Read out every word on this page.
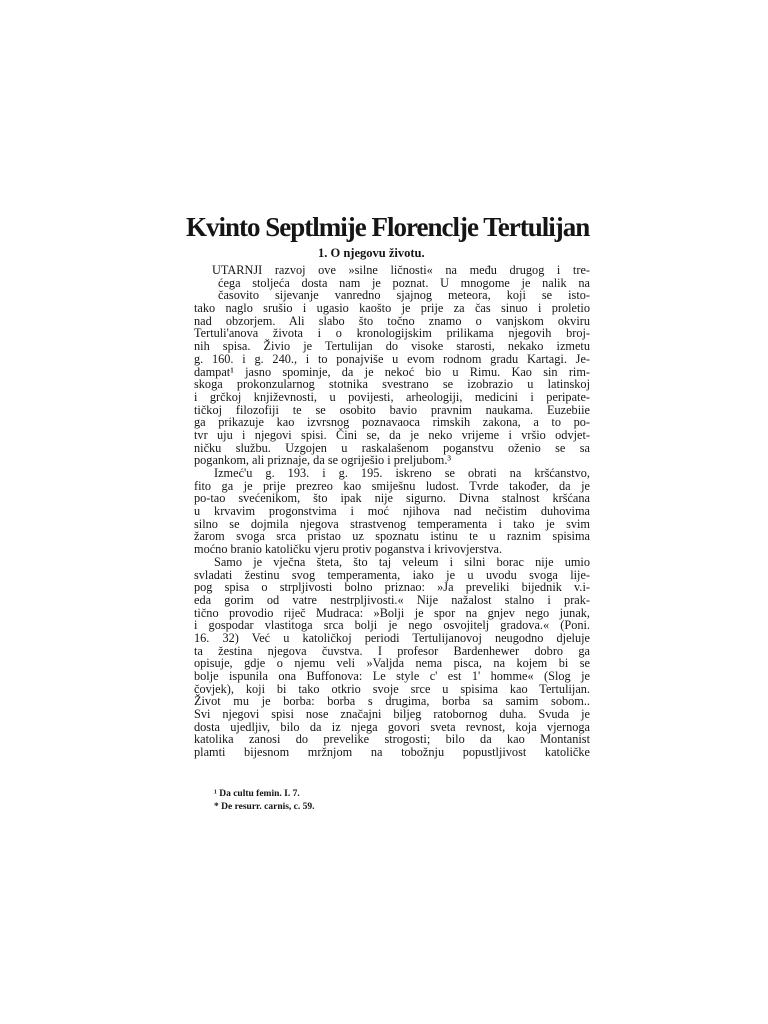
Kvinto Septlmije Florenclje Tertulijan
1. O njegovu životu.
UTARNJI razvoj ove »silne ličnosti« na među drugog i tre-
ćega stoljeća dosta nam je poznat. U mnogome je nalik na
časovito sijevanje vanredno sjajnog meteora, koji se isto-
tako naglo srušio i ugasio kaošto je prije za čas sinuo i proletio
nad obzorjem. Ali slabo što točno znamo o vanjskom okviru
Tertuli'anova života i o kronologijskim prilikama njegovih broj-
nih spisa. Živio je Tertulijan do visoke starosti, nekako izmetu
g. 160. i g. 240., i to ponajviše u evom rodnom gradu Kartagi. Je-
dampat¹ jasno spominje, da je nekoć bio u Rimu. Kao sin rim-
skoga prokonzularnog stotnika svestrano se izobrazio u latinskoj
i grčkoj književnosti, u povijesti, arheologiji, medicini i peripate-
tičkoj filozofiji te se osobito bavio pravnim naukama. Euzebiie
ga prikazuje kao izvrsnog poznavaoca rimskih zakona, a to po-
tvr uju i njegovi spisi. Čini se, da je neko vrijeme i vršio odvjet-
ničku službu. Uzgojen u raskalašenom poganstvu oženio se sa
pogankom, ali priznaje, da se ogriješio i preljubom.³
Izmeć'u g. 193. i g. 195. iskreno se obrati na kršćanstvo,
fito ga je prije prezreo kao smiješnu ludost. Tvrde također, da je
po-tao svećenikom, što ipak nije sigurno. Divna stalnost kršćana
u krvavim progonstvima i moć njihova nad nečistim duhovima
silno se dojmila njegova strastvenog temperamenta i tako je svim
žarom svoga srca pristao uz spoznatu istinu te u raznim spisima
moćno branio katoličku vjeru protiv poganstva i krivovjerstva.
Samo je vječna šteta, što taj veleum i silni borac nije umio
svladati žestinu svog temperamenta, iako je u uvodu svoga lije-
pog spisa o strpljivosti bolno priznao: »Ja preveliki bijednik v.i-
eda gorim od vatre nestrpljivosti.« Nije nažalost stalno i prak-
tično provodio riječ Mudraca: »Bolji je spor na gnjev nego junak,
i gospodar vlastitoga srca bolji je nego osvojitelj gradova.« (Poni.
16. 32) Već u katoličkoj periodi Tertulijanovoj neugodno djeluje
ta žestina njegova čuvstva. I profesor Bardenhewer dobro ga
opisuje, gdje o njemu veli »Valjda nema pisca, na kojem bi se
bolje ispunila ona Buffonova: Le style c' est 1' homme« (Slog je
čovjek), koji bi tako otkrio svoje srce u spisima kao Tertulijan.
Život mu je borba: borba s drugima, borba sa samim sobom..
Svi njegovi spisi nose značajni biljeg ratobornog duha. Svuda je
dosta ujedljiv, bilo da iz njega govori sveta revnost, koja vjernoga
katolika zanosi do prevelike strogosti; bilo da kao Montanist
plamti bijesnom mržnjom na tobožnju popustljivost katoličke
¹ Da cultu femin. I. 7.
* De resurr. carnis, c. 59.
